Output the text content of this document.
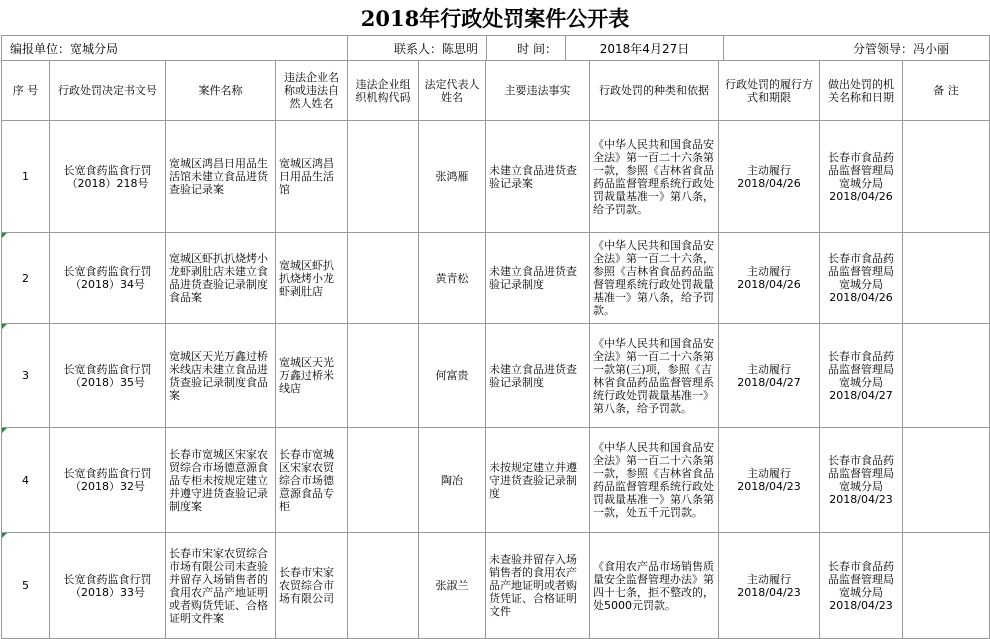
2018年行政处罚案件公开表
编报单位：宽城分局	联系人：陈思明	时 间：	2018年4月27日	分管领导：冯小丽
序 号	行政处罚决定书文号	案件名称	违法企业名称或违法自然人姓名	违法企业组织机构代码	法定代表人姓名	主要违法事实	行政处罚的种类和依据	行政处罚的履行方式和期限	做出处罚的机关名称和日期	备 注
1	长宽食药监食行罚（2018）218号	宽城区鸿昌日用品生活馆未建立食品进货查验记录案	宽城区鸿昌日用品生活馆		张鸿雁	未建立食品进货查验记录案	《中华人民共和国食品安全法》第一百二十六条第一款，参照《吉林省食品药品监督管理系统行政处罚裁量基准一》第八条，给予罚款。	主动履行 2018/04/26	长春市食品药品监督管理局宽城分局 2018/04/26	
2	长宽食药监食行罚（2018）34号	宽城区虾扒扒烧烤小龙虾剥肚店未建立食品进货查验记录制度食品案	宽城区虾扒扒烧烤小龙虾剥肚店		黄青松	未建立食品进货查验记录制度	《中华人民共和国食品安全法》第一百二十六条，参照《吉林省食品药品监督管理系统行政处罚裁量基准一》第八条，给予罚款。	主动履行 2018/04/26	长春市食品药品监督管理局宽城分局 2018/04/26	
3	长宽食药监食行罚（2018）35号	宽城区天光万鑫过桥米线店未建立食品进货查验记录制度食品案	宽城区天光万鑫过桥米线店		何富贵	未建立食品进货查验记录制度	《中华人民共和国食品安全法》第一百二十六条第一款第(三)项，参照《吉林省食品药品监督管理系统行政处罚裁量基准一》第八条，给予罚款。	主动履行 2018/04/27	长春市食品药品监督管理局宽城分局 2018/04/27	
4	长宽食药监食行罚（2018）32号	长春市宽城区宋家农贸综合市场德意源食品专柜未按规定建立并遵守进货查验记录制度案	长春市宽城区宋家农贸综合市场德意源食品专柜		陶冶	未按规定建立并遵守进货查验记录制度	《中华人民共和国食品安全法》第一百二十六条第一款，参照《吉林省食品药品监督管理系统行政处罚裁量基准一》第八条第一款，处五千元罚款。	主动履行 2018/04/23	长春市食品药品监督管理局宽城分局 2018/04/23	
5	长宽食药监食行罚（2018）33号	长春市宋家农贸综合市场有限公司未查验并留存入场销售者的食用农产品产地证明或者购货凭证、合格证明文件案	长春市宋家农贸综合市场有限公司		张淑兰	未查验并留存入场销售者的食用农产品产地证明或者购货凭证、合格证明文件	《食用农产品市场销售质量安全监督管理办法》第四十七条，拒不整改的，处5000元罚款。	主动履行 2018/04/23	长春市食品药品监督管理局宽城分局 2018/04/23	
